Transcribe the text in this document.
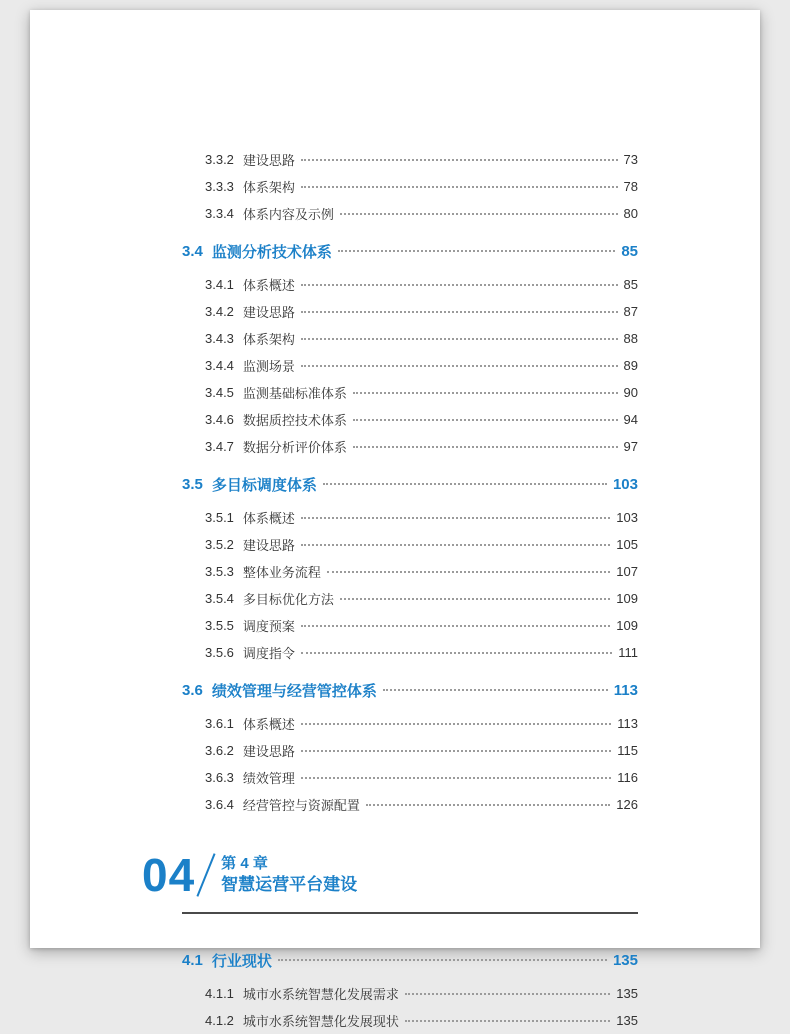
3.3.2 建设思路	73
3.3.3 体系架构	78
3.3.4 体系内容及示例	80
3.4 监测分析技术体系	85
3.4.1 体系概述	85
3.4.2 建设思路	87
3.4.3 体系架构	88
3.4.4 监测场景	89
3.4.5 监测基础标准体系	90
3.4.6 数据质控技术体系	94
3.4.7 数据分析评价体系	97
3.5 多目标调度体系	103
3.5.1 体系概述	103
3.5.2 建设思路	105
3.5.3 整体业务流程	107
3.5.4 多目标优化方法	109
3.5.5 调度预案	109
3.5.6 调度指令	111
3.6 绩效管理与经营管控体系	113
3.6.1 体系概述	113
3.6.2 建设思路	115
3.6.3 绩效管理	116
3.6.4 经营管控与资源配置	126
04 第 4 章
智慧运营平台建设
4.1 行业现状	135
4.1.1 城市水系统智慧化发展需求	135
4.1.2 城市水系统智慧化发展现状	135
